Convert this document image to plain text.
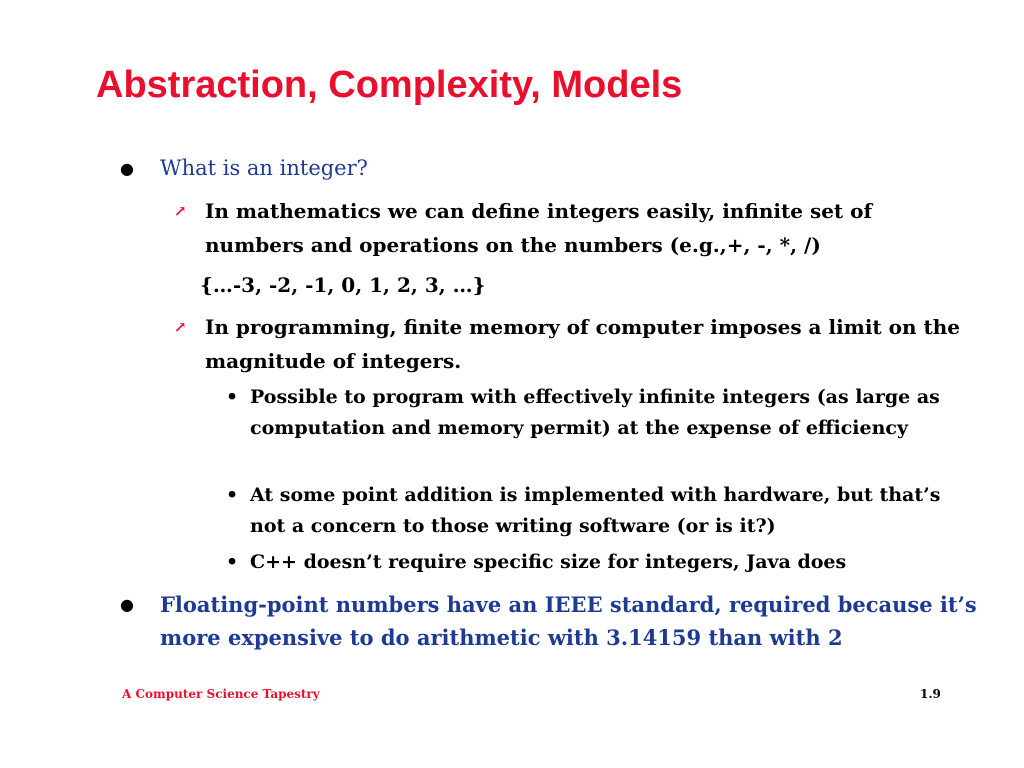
Abstraction, Complexity, Models
● What is an integer?
↗ In mathematics we can define integers easily, infinite set of numbers and operations on the numbers (e.g.,+, -, *, /)
{…-3, -2, -1, 0, 1, 2, 3, …}
↗ In programming, finite memory of computer imposes a limit on the magnitude of integers.
• Possible to program with effectively infinite integers (as large as computation and memory permit) at the expense of efficiency
• At some point addition is implemented with hardware, but that’s not a concern to those writing software (or is it?)
• C++ doesn’t require specific size for integers, Java does
● Floating-point numbers have an IEEE standard, required because it’s more expensive to do arithmetic with 3.14159 than with 2
A Computer Science Tapestry	1.9
